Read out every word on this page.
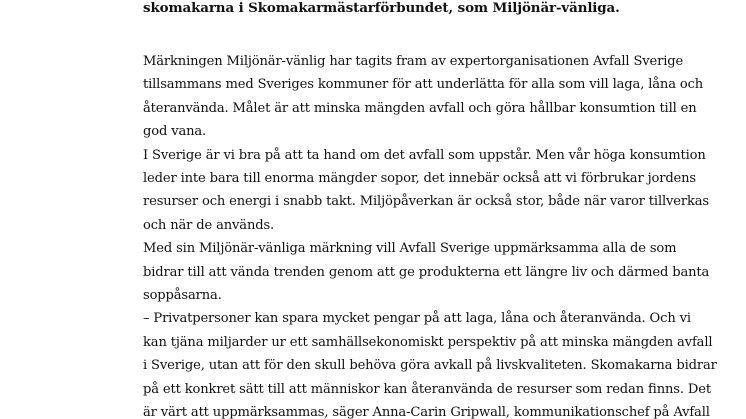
skomakarna i Skomakarmästarförbundet, som Miljönär-vänliga.
Märkningen Miljönär-vänlig har tagits fram av expertorganisationen Avfall Sverige
tillsammans med Sveriges kommuner för att underlätta för alla som vill laga, låna och
återanvända. Målet är att minska mängden avfall och göra hållbar konsumtion till en
god vana.
I Sverige är vi bra på att ta hand om det avfall som uppstår. Men vår höga konsumtion
leder inte bara till enorma mängder sopor, det innebär också att vi förbrukar jordens
resurser och energi i snabb takt. Miljöpåverkan är också stor, både när varor tillverkas
och när de används.
Med sin Miljönär-vänliga märkning vill Avfall Sverige uppmärksamma alla de som
bidrar till att vända trenden genom att ge produkterna ett längre liv och därmed banta
soppåsarna.
– Privatpersoner kan spara mycket pengar på att laga, låna och återanvända. Och vi
kan tjäna miljarder ur ett samhällsekonomiskt perspektiv på att minska mängden avfall
i Sverige, utan att för den skull behöva göra avkall på livskvaliteten. Skomakarna bidrar
på ett konkret sätt till att människor kan återanvända de resurser som redan finns. Det
är värt att uppmärksammas, säger Anna-Carin Gripwall, kommunikationschef på Avfall
